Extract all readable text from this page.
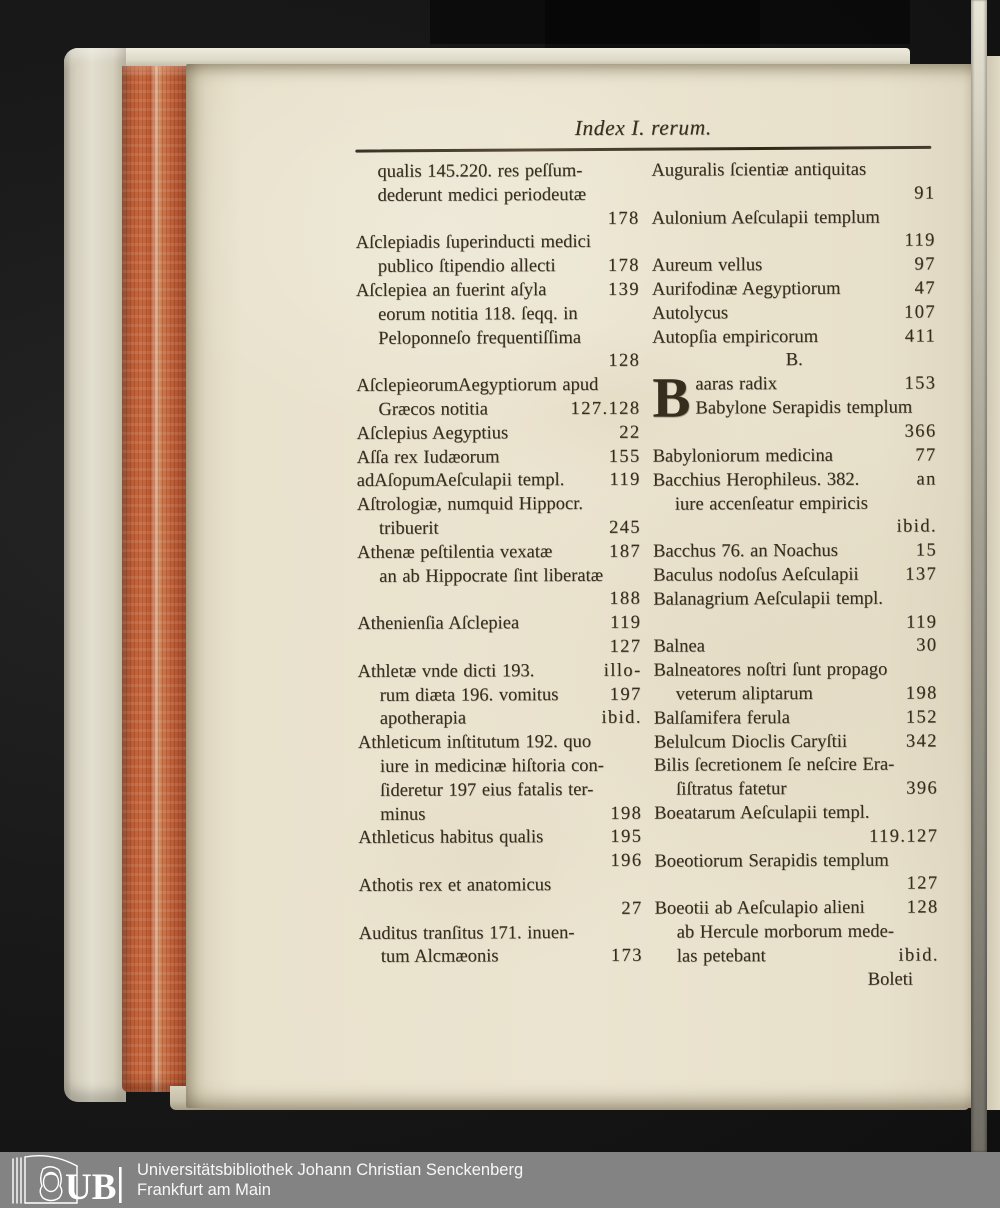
Index I. rerum.
qualis 145.220. res peſſum-
dederunt medici periodeutæ
178
Aſclepiadis ſuperinducti medici
publico ſtipendio allecti	178
Aſclepiea an fuerint aſyla	139
eorum notitia 118. ſeqq. in
Peloponneſo frequentiſſima
128
AſclepieorumAegyptiorum apud
Græcos notitia	127.128
Aſclepius Aegyptius	22
Aſſa rex Iudæorum	155
adAſopumAeſculapii templ.	119
Aſtrologiæ, numquid Hippocr.
tribuerit	245
Athenæ peſtilentia vexatæ	187
an ab Hippocrate ſint liberatæ
188
Athenienſia Aſclepiea	119
127
Athletæ vnde dicti 193.	illo-
rum diæta 196. vomitus	197
apotherapia	ibid.
Athleticum inſtitutum 192. quo
iure in medicinæ hiſtoria con-
ſideretur 197 eius fatalis ter-
minus	198
Athleticus habitus qualis	195
196
Athotis rex et anatomicus
27
Auditus tranſitus 171. inuen-
tum Alcmæonis	173
Auguralis ſcientiæ antiquitas
91
Aulonium Aeſculapii templum
119
Aureum vellus	97
Aurifodinæ Aegyptiorum	47
Autolycus	107
Autopſia empiricorum	411
B.
B aaras radix	153
Babylone Serapidis templum
366
Babyloniorum medicina	77
Bacchius Herophileus. 382.	an
iure accenſeatur empiricis
ibid.
Bacchus 76. an Noachus	15
Baculus nodoſus Aeſculapii	137
Balanagrium Aeſculapii templ.
119
Balnea	30
Balneatores noſtri ſunt propago
veterum aliptarum	198
Balſamifera ferula	152
Belulcum Dioclis Caryſtii	342
Bilis ſecretionem ſe neſcire Era-
ſiſtratus fatetur	396
Boeatarum Aeſculapii templ.
119.127
Boeotiorum Serapidis templum
127
Boeotii ab Aeſculapio alieni	128
ab Hercule morborum mede-
las petebant	ibid.
Boleti
UB Universitätsbibliothek Johann Christian Senckenberg
Frankfurt am Main
